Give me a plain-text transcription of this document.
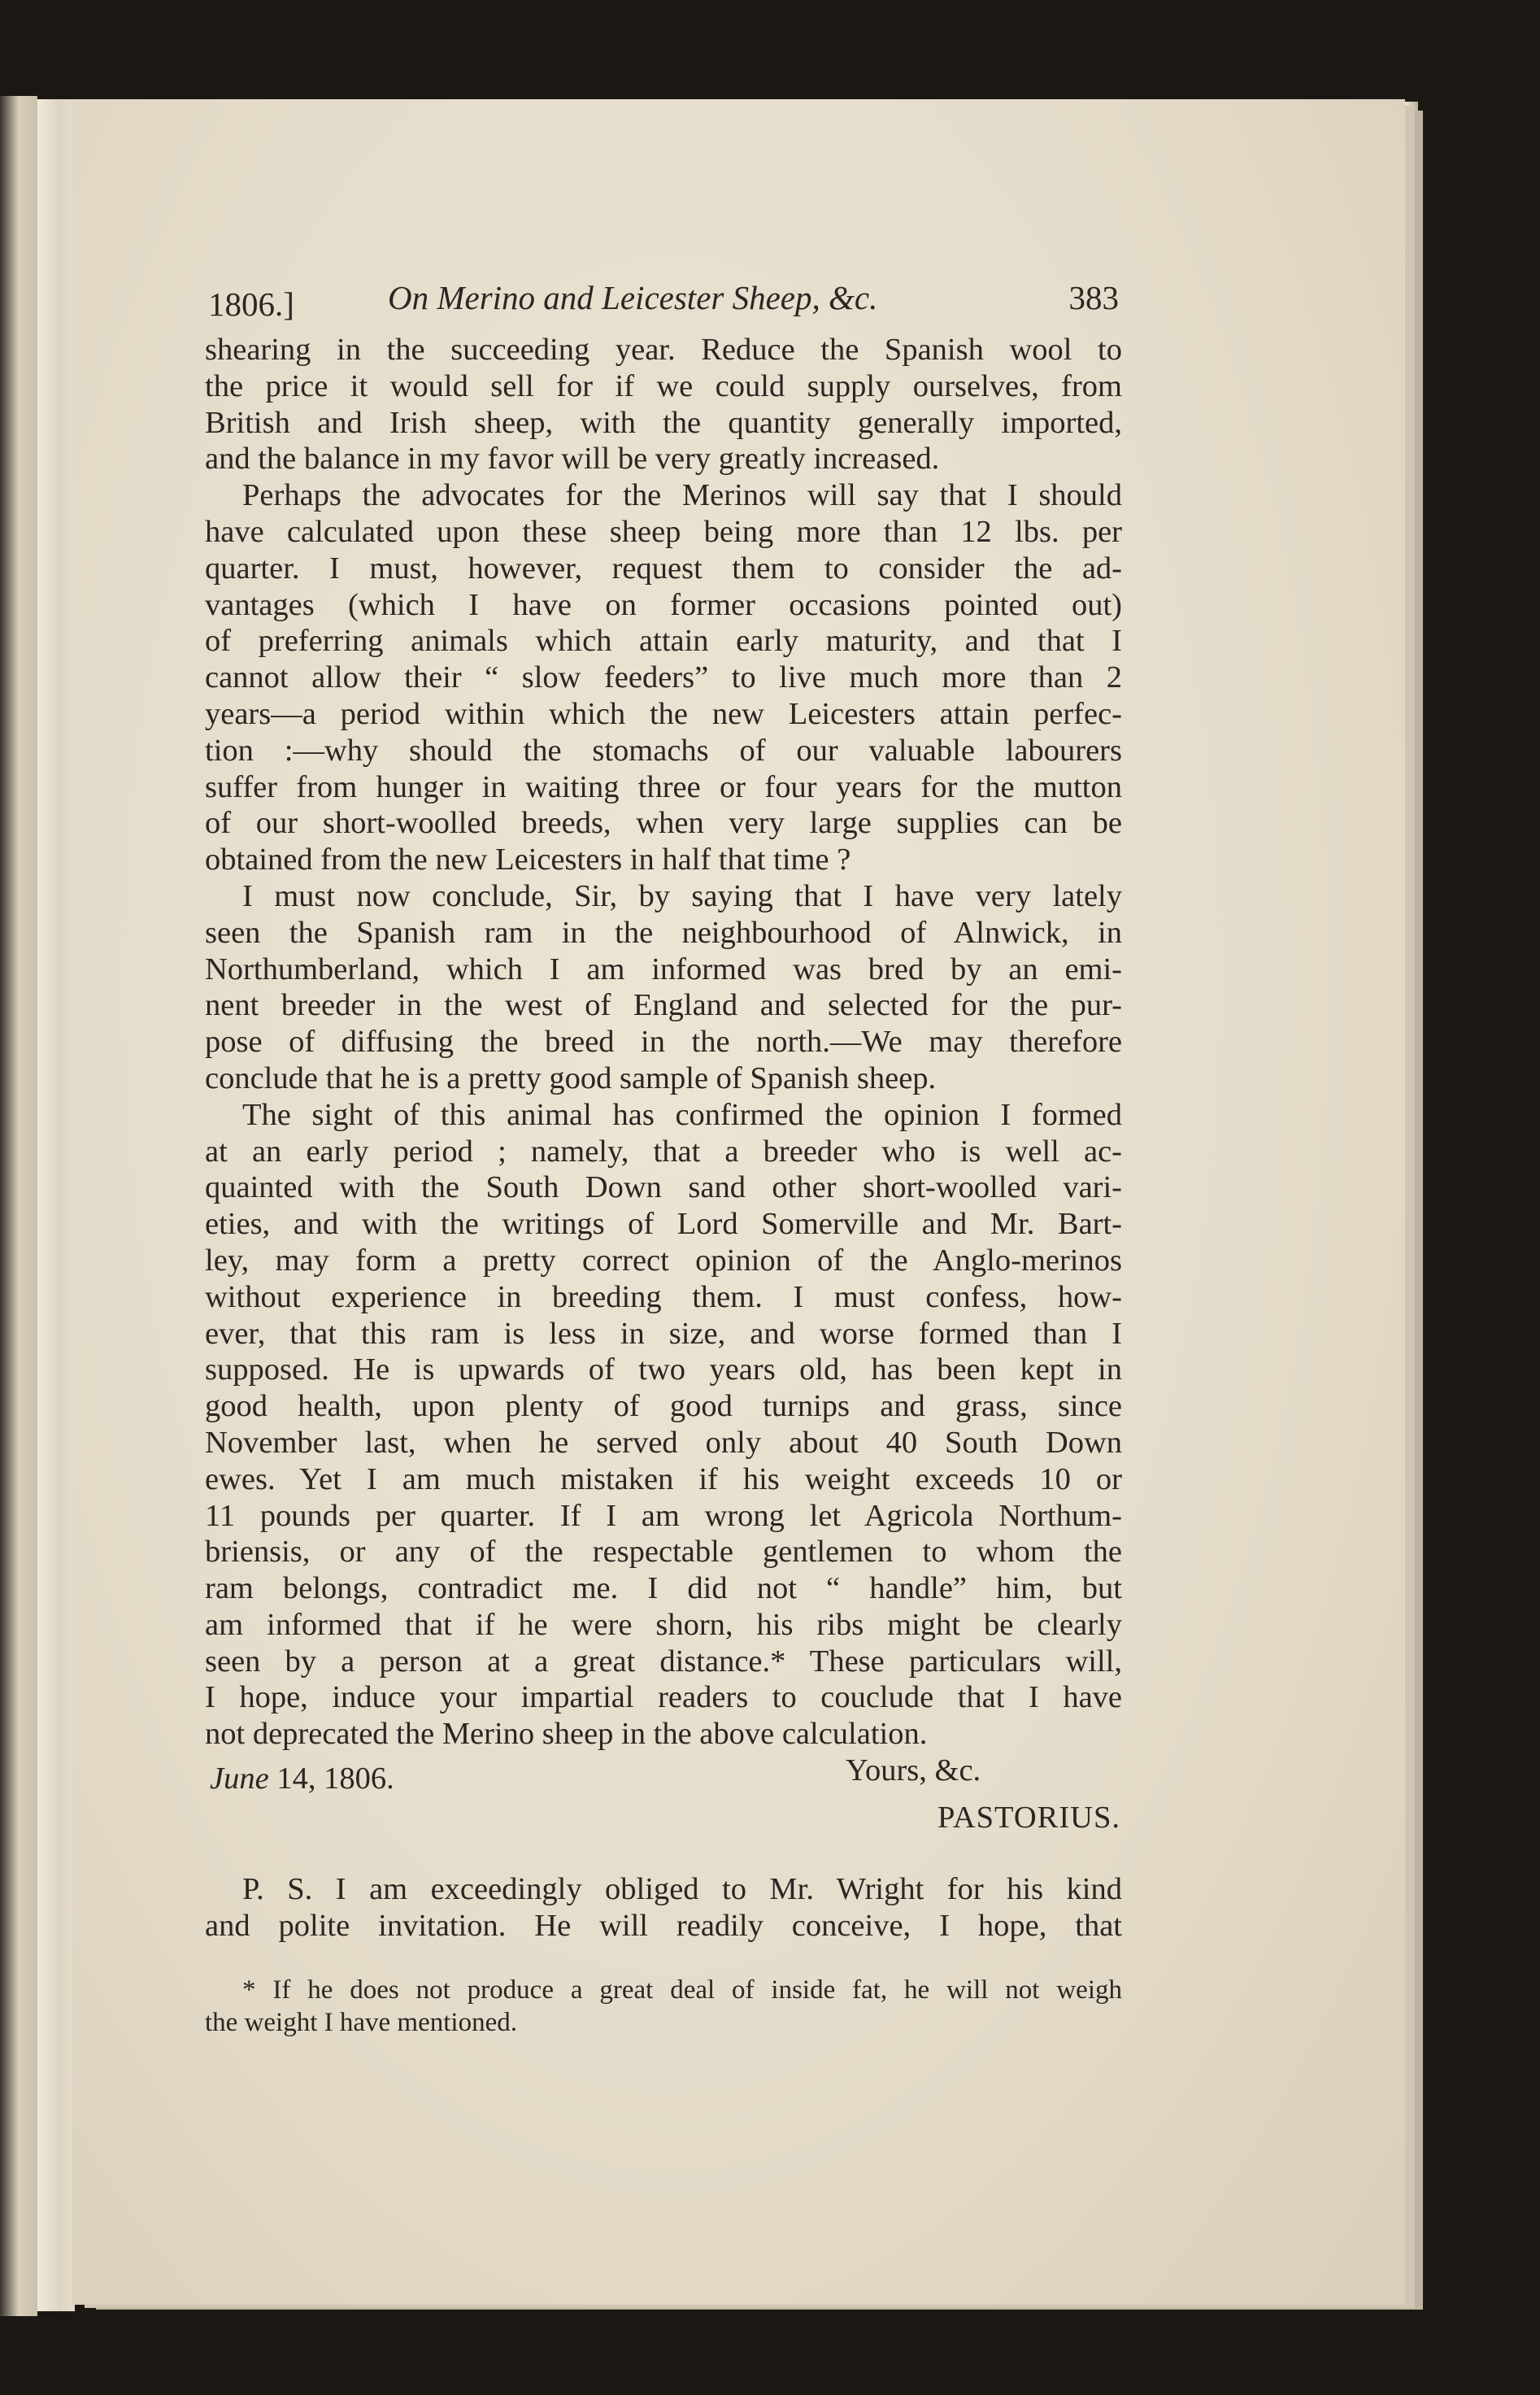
1806.]	On Merino and Leicester Sheep, &c.	383
shearing in the succeeding year. Reduce the Spanish wool to
the price it would sell for if we could supply ourselves, from
British and Irish sheep, with the quantity generally imported,
and the balance in my favor will be very greatly increased.
Perhaps the advocates for the Merinos will say that I should
have calculated upon these sheep being more than 12 lbs. per
quarter. I must, however, request them to consider the ad-
vantages (which I have on former occasions pointed out)
of preferring animals which attain early maturity, and that I
cannot allow their “ slow feeders” to live much more than 2
years—a period within which the new Leicesters attain perfec-
tion :—why should the stomachs of our valuable labourers
suffer from hunger in waiting three or four years for the mutton
of our short-woolled breeds, when very large supplies can be
obtained from the new Leicesters in half that time ?
I must now conclude, Sir, by saying that I have very lately
seen the Spanish ram in the neighbourhood of Alnwick, in
Northumberland, which I am informed was bred by an emi-
nent breeder in the west of England and selected for the pur-
pose of diffusing the breed in the north.—We may therefore
conclude that he is a pretty good sample of Spanish sheep.
The sight of this animal has confirmed the opinion I formed
at an early period ; namely, that a breeder who is well ac-
quainted with the South Down sand other short-woolled vari-
eties, and with the writings of Lord Somerville and Mr. Bart-
ley, may form a pretty correct opinion of the Anglo-merinos
without experience in breeding them. I must confess, how-
ever, that this ram is less in size, and worse formed than I
supposed. He is upwards of two years old, has been kept in
good health, upon plenty of good turnips and grass, since
November last, when he served only about 40 South Down
ewes. Yet I am much mistaken if his weight exceeds 10 or
11 pounds per quarter. If I am wrong let Agricola Northum-
briensis, or any of the respectable gentlemen to whom the
ram belongs, contradict me. I did not “ handle” him, but
am informed that if he were shorn, his ribs might be clearly
seen by a person at a great distance.* These particulars will,
I hope, induce your impartial readers to couclude that I have
not deprecated the Merino sheep in the above calculation.
June 14, 1806.	Yours, &c.
PASTORIUS.
P. S. I am exceedingly obliged to Mr. Wright for his kind
and polite invitation. He will readily conceive, I hope, that
* If he does not produce a great deal of inside fat, he will not weigh
the weight I have mentioned.
